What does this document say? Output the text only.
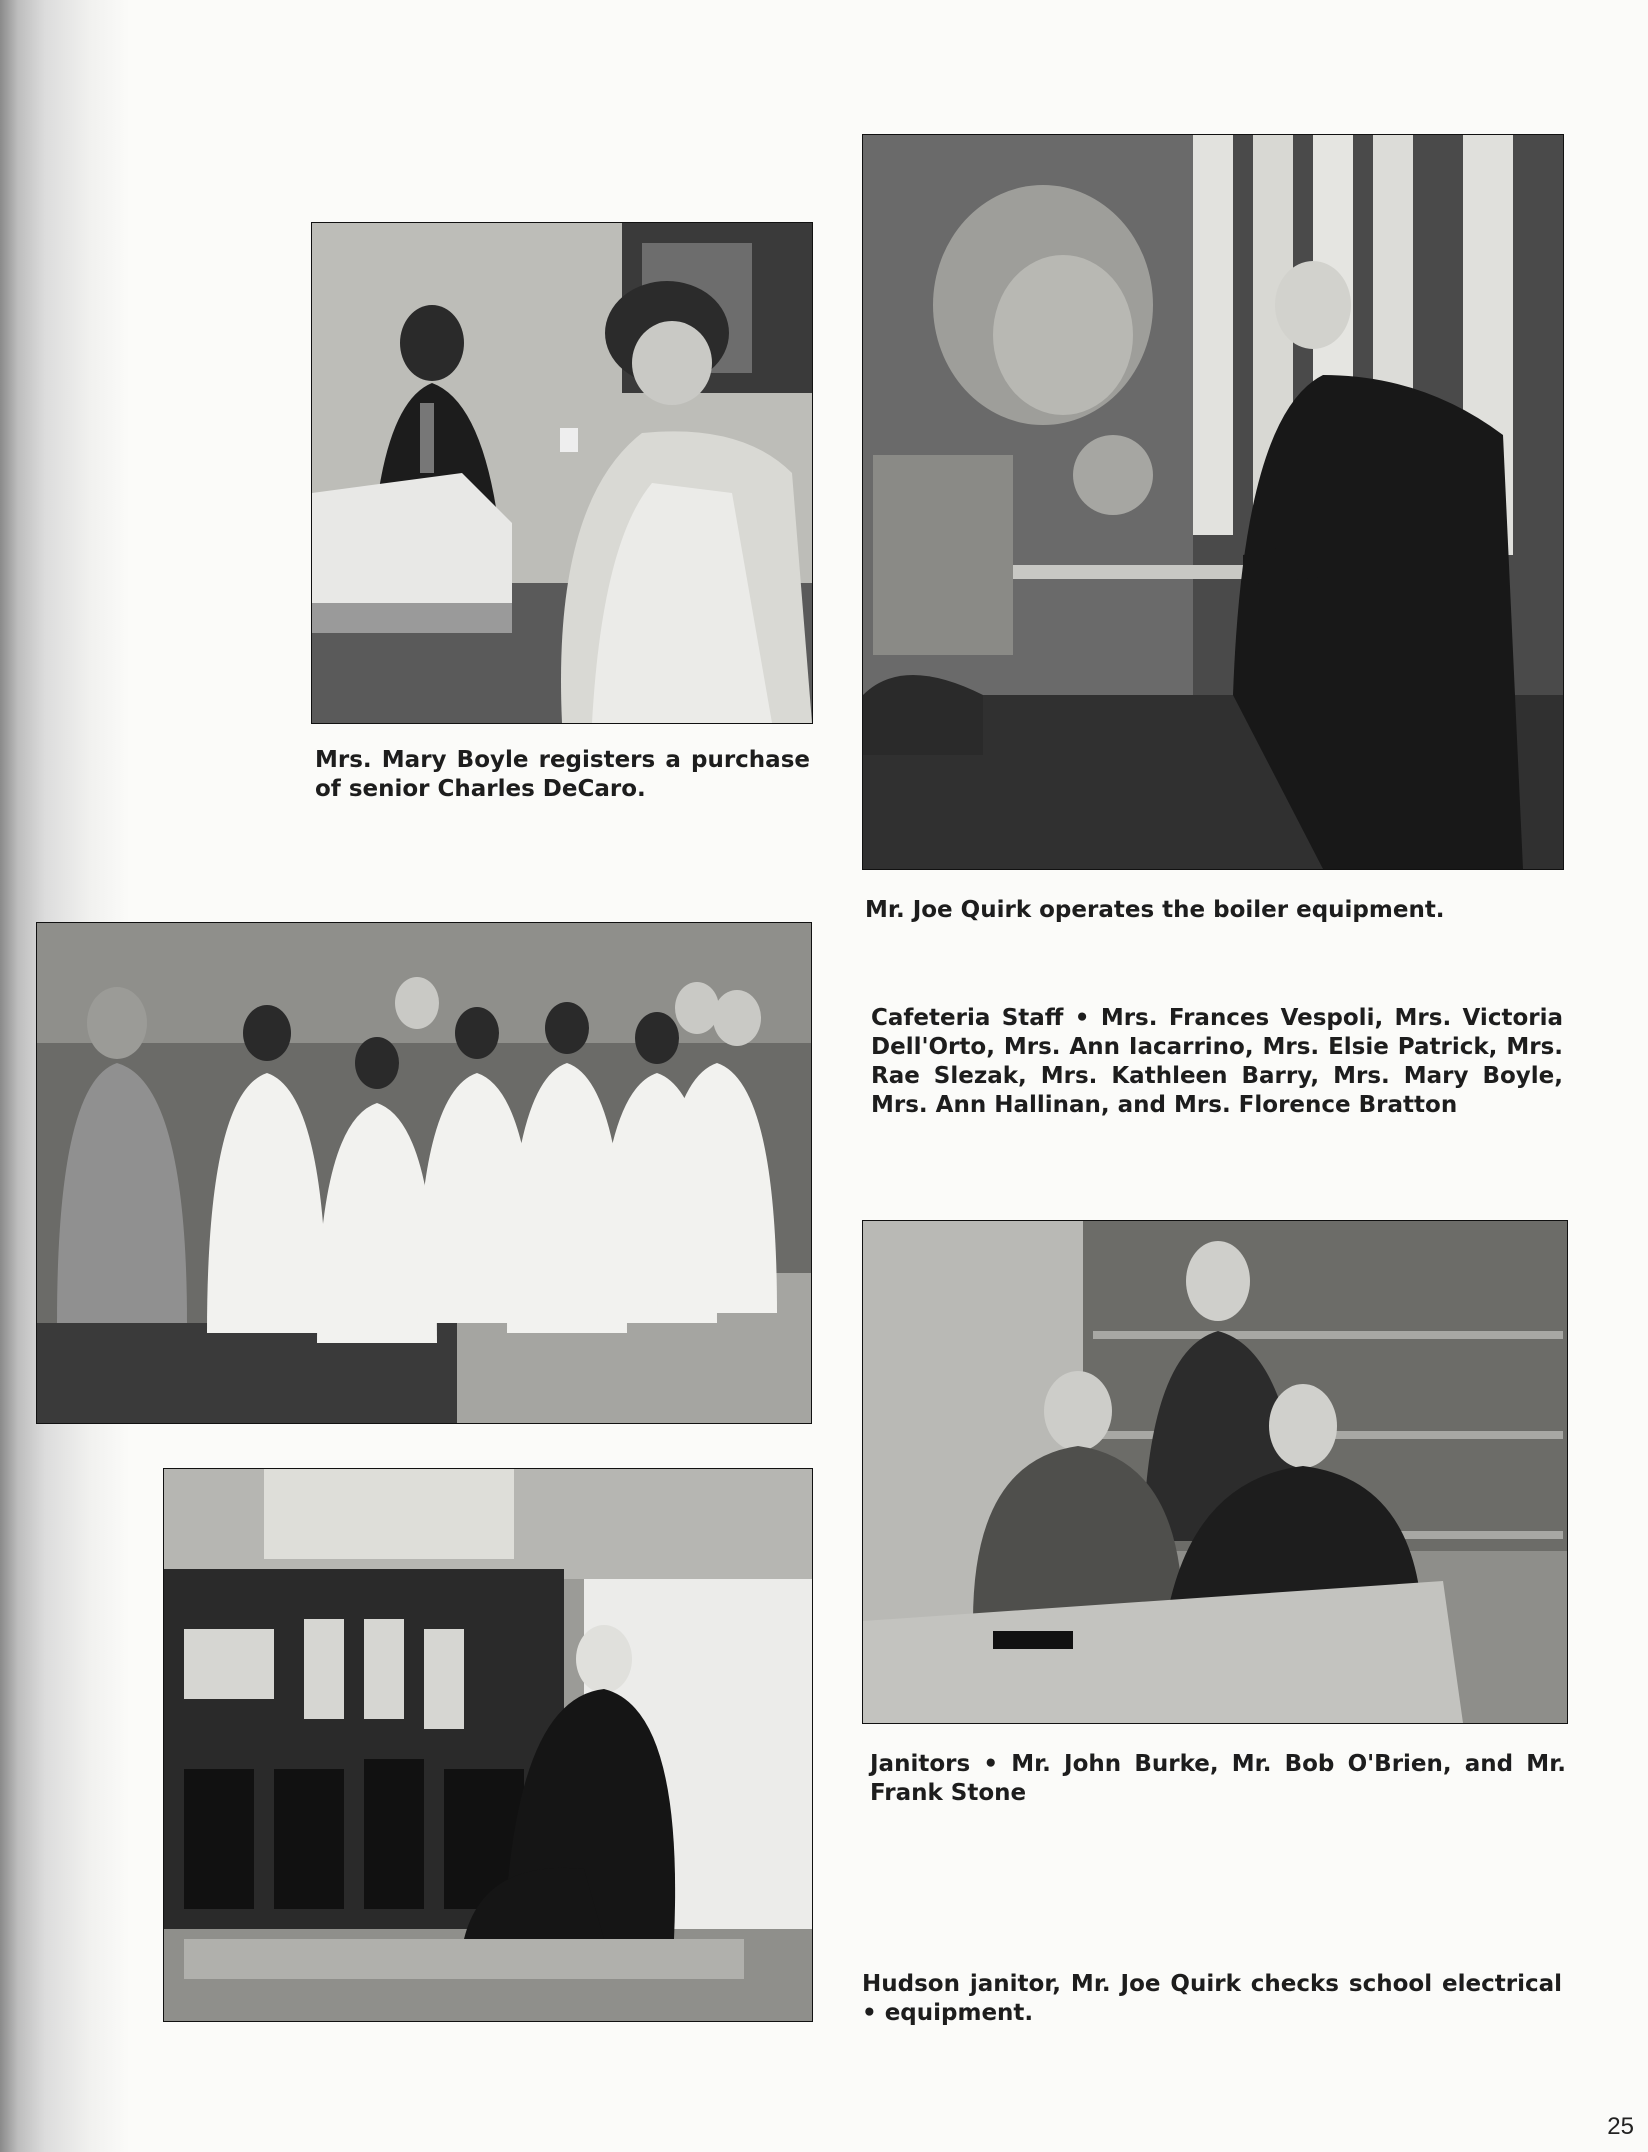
Mrs. Mary Boyle registers a purchase of senior Charles DeCaro.

Mr. Joe Quirk operates the boiler equipment.

Cafeteria Staff • Mrs. Frances Vespoli, Mrs. Victoria Dell'Orto, Mrs. Ann Iacarrino, Mrs. Elsie Patrick, Mrs. Rae Slezak, Mrs. Kathleen Barry, Mrs. Mary Boyle, Mrs. Ann Hallinan, and Mrs. Florence Bratton

Janitors • Mr. John Burke, Mr. Bob O'Brien, and Mr. Frank Stone

Hudson janitor, Mr. Joe Quirk checks school electrical • equipment.

25
